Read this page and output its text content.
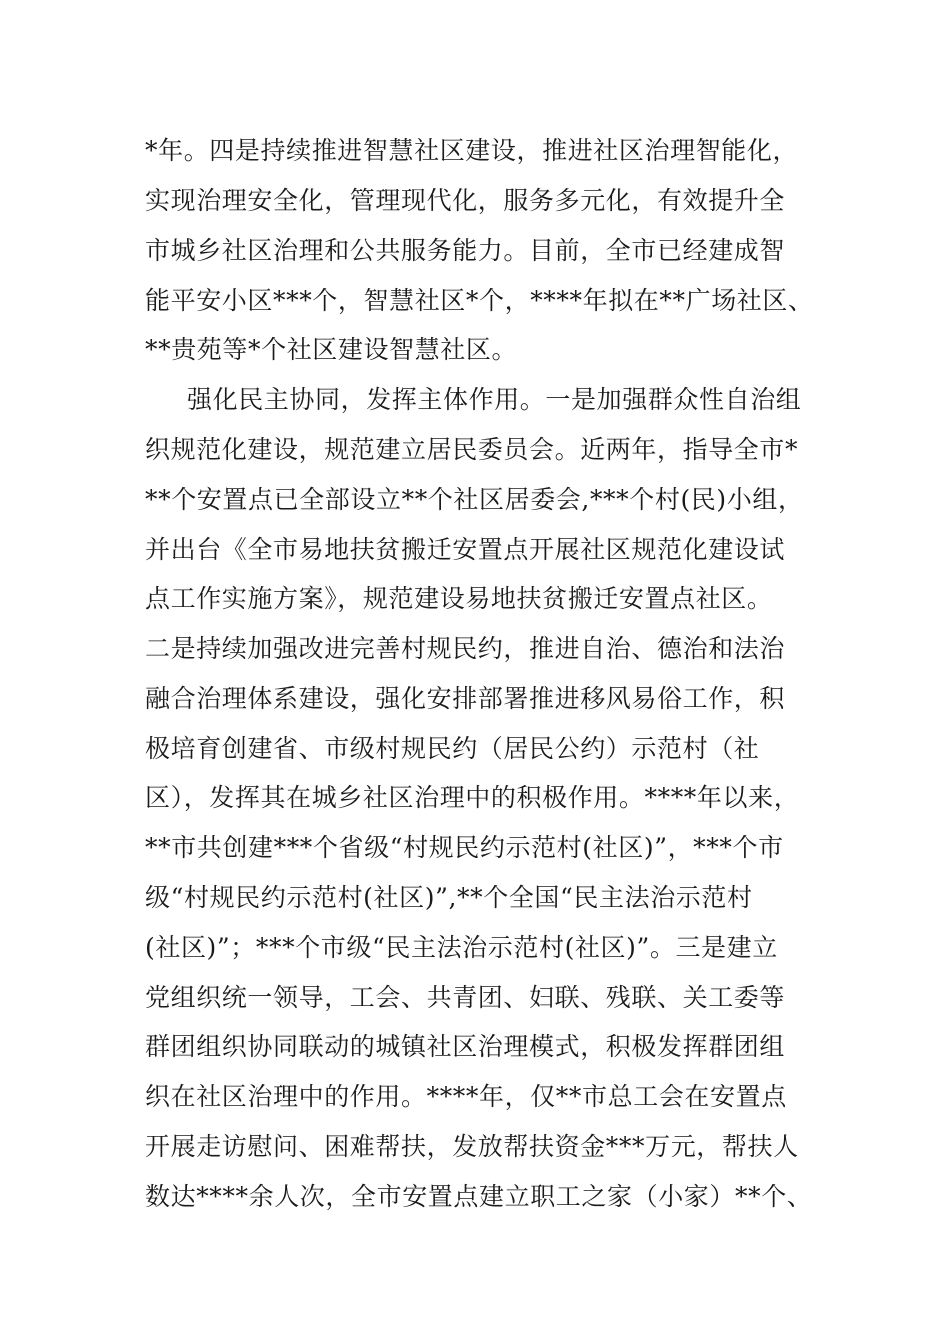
*年。四是持续推进智慧社区建设，推进社区治理智能化，
实现治理安全化，管理现代化，服务多元化，有效提升全
市城乡社区治理和公共服务能力。目前，全市已经建成智
能平安小区***个，智慧社区*个，****年拟在**广场社区、
**贵苑等*个社区建设智慧社区。
强化民主协同，发挥主体作用。一是加强群众性自治组
织规范化建设，规范建立居民委员会。近两年，指导全市*
**个安置点已全部设立**个社区居委会,***个村(民)小组，
并出台《全市易地扶贫搬迁安置点开展社区规范化建设试
点工作实施方案》，规范建设易地扶贫搬迁安置点社区。
二是持续加强改进完善村规民约，推进自治、德治和法治
融合治理体系建设，强化安排部署推进移风易俗工作，积
极培育创建省、市级村规民约（居民公约）示范村（社
区），发挥其在城乡社区治理中的积极作用。****年以来，
**市共创建***个省级“村规民约示范村(社区)”，***个市
级“村规民约示范村(社区)”,**个全国“民主法治示范村
(社区)”；***个市级“民主法治示范村(社区)”。三是建立
党组织统一领导，工会、共青团、妇联、残联、关工委等
群团组织协同联动的城镇社区治理模式，积极发挥群团组
织在社区治理中的作用。****年，仅**市总工会在安置点
开展走访慰问、困难帮扶，发放帮扶资金***万元，帮扶人
数达****余人次，全市安置点建立职工之家（小家）**个、
